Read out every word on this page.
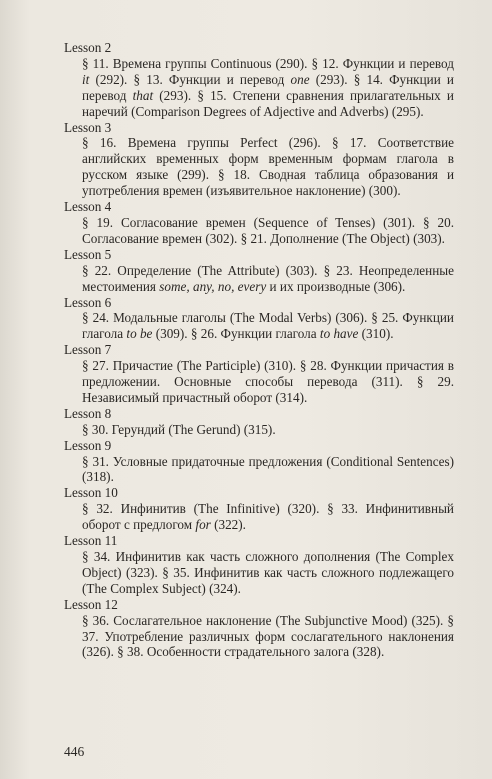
Lesson 2
§ 11. Времена группы Continuous (290). § 12. Функции и перевод it (292). § 13. Функции и перевод one (293). § 14. Функции и перевод that (293). § 15. Степени сравнения прилагательных и наречий (Comparison Degrees of Adjective and Adverbs) (295).
Lesson 3
§ 16. Времена группы Perfect (296). § 17. Соответствие английских временных форм временным формам глагола в русском языке (299). § 18. Сводная таблица образования и употребления времен (изъявительное наклонение) (300).
Lesson 4
§ 19. Согласование времен (Sequence of Tenses) (301). § 20. Согласование времен (302). § 21. Дополнение (The Object) (303).
Lesson 5
§ 22. Определение (The Attribute) (303). § 23. Неопределенные местоимения some, any, no, every и их производные (306).
Lesson 6
§ 24. Модальные глаголы (The Modal Verbs) (306). § 25. Функции глагола to be (309). § 26. Функции глагола to have (310).
Lesson 7
§ 27. Причастие (The Participle) (310). § 28. Функции причастия в предложении. Основные способы перевода (311). § 29. Независимый причастный оборот (314).
Lesson 8
§ 30. Герундий (The Gerund) (315).
Lesson 9
§ 31. Условные придаточные предложения (Conditional Sentences) (318).
Lesson 10
§ 32. Инфинитив (The Infinitive) (320). § 33. Инфинитивный оборот с предлогом for (322).
Lesson 11
§ 34. Инфинитив как часть сложного дополнения (The Complex Object) (323). § 35. Инфинитив как часть сложного подлежащего (The Complex Subject) (324).
Lesson 12
§ 36. Сослагательное наклонение (The Subjunctive Mood) (325). § 37. Употребление различных форм сослагательного наклонения (326). § 38. Особенности страдательного залога (328).
446
